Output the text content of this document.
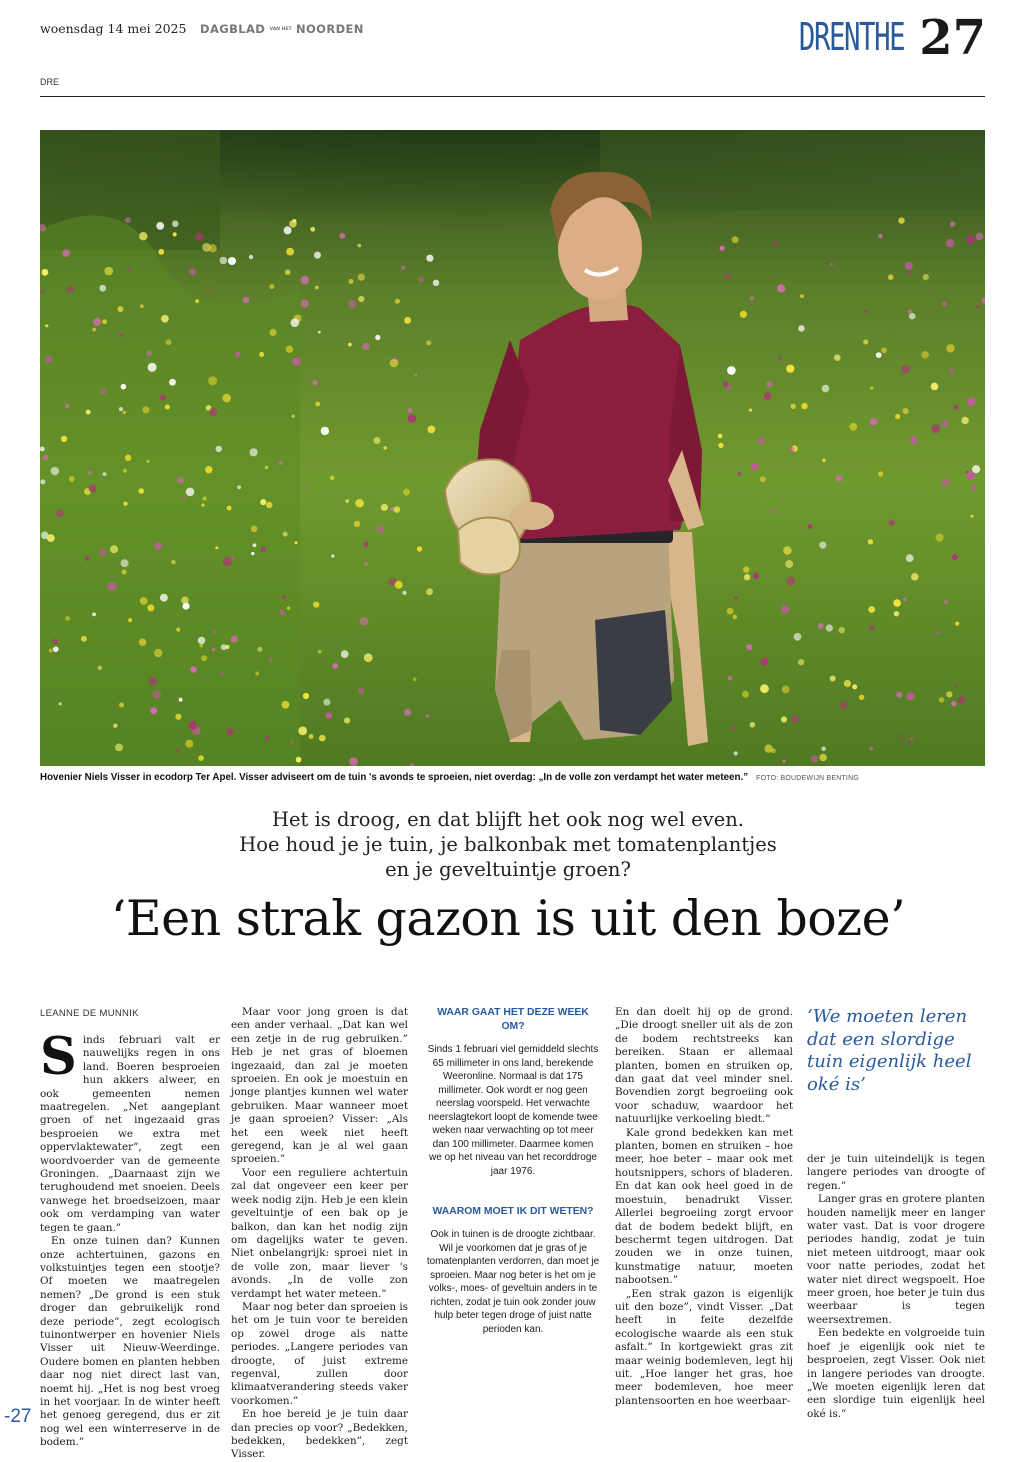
woensdag 14 mei 2025 DAGBLAD VAN HET NOORDEN	DRENTHE 27
DRE
Hovenier Niels Visser in ecodorp Ter Apel. Visser adviseert om de tuin 's avonds te sproeien, niet overdag: „In de volle zon verdampt het water meteen.” FOTO: BOUDEWIJN BENTING
Het is droog, en dat blijft het ook nog wel even.
Hoe houd je je tuin, je balkonbak met tomatenplantjes
en je geveltuintje groen?
‘Een strak gazon is uit den boze’
LEANNE DE MUNNIK

Sinds februari valt er nauwelijks regen in ons land. Boeren besproeien hun akkers alweer, en ook gemeenten nemen maatregelen. „Net aangeplant groen of net ingezaaid gras besproeien we extra met oppervlaktewater”, zegt een woordvoerder van de gemeente Groningen. „Daarnaast zijn we terughoudend met snoeien. Deels vanwege het broedseizoen, maar ook om verdamping van water tegen te gaan.”

En onze tuinen dan? Kunnen onze achtertuinen, gazons en volkstuintjes tegen een stootje? Of moeten we maatregelen nemen? „De grond is een stuk droger dan gebruikelijk rond deze periode”, zegt ecologisch tuinontwerper en hovenier Niels Visser uit Nieuw-Weerdinge. Oudere bomen en planten hebben daar nog niet direct last van, noemt hij. „Het is nog best vroeg in het voorjaar. In de winter heeft het genoeg geregend, dus er zit nog wel een winterreserve in de bodem.”

Maar voor jong groen is dat een ander verhaal. „Dat kan wel een zetje in de rug gebruiken.” Heb je net gras of bloemen ingezaaid, dan zal je moeten sproeien. En ook je moestuin en jonge plantjes kunnen wel water gebruiken. Maar wanneer moet je gaan sproeien? Visser: „Als het een week niet heeft geregend, kan je al wel gaan sproeien.”

Voor een reguliere achtertuin zal dat ongeveer een keer per week nodig zijn. Heb je een klein geveltuintje of een bak op je balkon, dan kan het nodig zijn om dagelijks water te geven. Niet onbelangrijk: sproei niet in de volle zon, maar liever 's avonds. „In de volle zon verdampt het water meteen.”

Maar nog beter dan sproeien is het om je tuin voor te bereiden op zowel droge als natte periodes. „Langere periodes van droogte, of juist extreme regenval, zullen door klimaatverandering steeds vaker voorkomen.”

En hoe bereid je je tuin daar dan precies op voor? „Bedekken, bedekken, bedekken”, zegt Visser.

WAAR GAAT HET DEZE WEEK OM?
Sinds 1 februari viel gemiddeld slechts 65 millimeter in ons land, berekende Weeronline. Normaal is dat 175 millimeter. Ook wordt er nog geen neerslag voorspeld. Het verwachte neerslagtekort loopt de komende twee weken naar verwachting op tot meer dan 100 millimeter. Daarmee komen we op het niveau van het recorddroge jaar 1976.
WAAROM MOET IK DIT WETEN?
Ook in tuinen is de droogte zichtbaar. Wil je voorkomen dat je gras of je tomatenplanten verdorren, dan moet je sproeien. Maar nog beter is het om je volks-, moes- of geveltuin anders in te richten, zodat je tuin ook zonder jouw hulp beter tegen droge of juist natte perioden kan.

En dan doelt hij op de grond. „Die droogt sneller uit als de zon de bodem rechtstreeks kan bereiken. Staan er allemaal planten, bomen en struiken op, dan gaat dat veel minder snel. Bovendien zorgt begroeiing ook voor schaduw, waardoor het natuurlijke verkoeling biedt.”

Kale grond bedekken kan met planten, bomen en struiken – hoe meer, hoe beter – maar ook met houtsnippers, schors of bladeren. En dat kan ook heel goed in de moestuin, benadrukt Visser. Allerlei begroeiing zorgt ervoor dat de bodem bedekt blijft, en beschermt tegen uitdrogen. Dat zouden we in onze tuinen, kunstmatige natuur, moeten nabootsen.”

„Een strak gazon is eigenlijk uit den boze”, vindt Visser. „Dat heeft in feite dezelfde ecologische waarde als een stuk asfalt.” In kortgewiekt gras zit maar weinig bodemleven, legt hij uit. „Hoe langer het gras, hoe meer bodemleven, hoe meer plantensoorten en hoe weerbaar-

‘We moeten leren dat een slordige tuin eigenlijk heel oké is’

der je tuin uiteindelijk is tegen langere periodes van droogte of regen.”

Langer gras en grotere planten houden namelijk meer en langer water vast. Dat is voor drogere periodes handig, zodat je tuin niet meteen uitdroogt, maar ook voor natte periodes, zodat het water niet direct wegspoelt. Hoe meer groen, hoe beter je tuin dus weerbaar is tegen weersextremen.

Een bedekte en volgroeide tuin hoef je eigenlijk ook niet te besproeien, zegt Visser. Ook niet in langere periodes van droogte. „We moeten eigenlijk leren dat een slordige tuin eigenlijk heel oké is.”

-27
